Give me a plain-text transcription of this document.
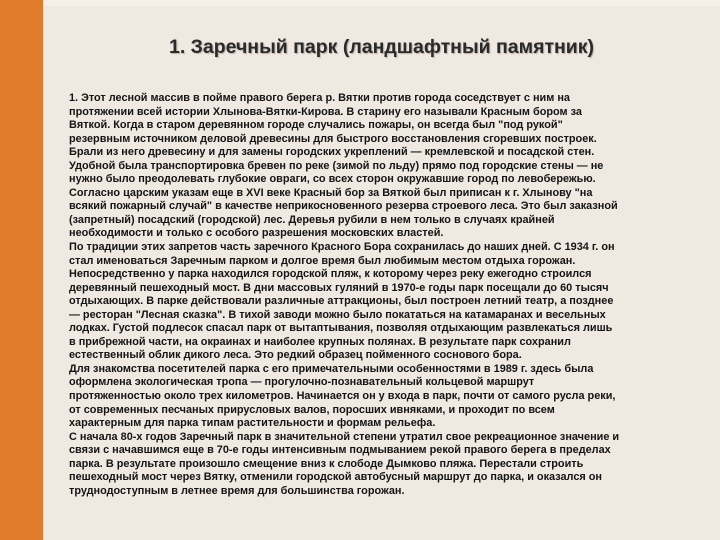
1. Заречный парк (ландшафтный памятник)
1. Этот лесной массив в пойме правого берега р. Вятки против города соседствует с ним на
протяжении всей истории Хлынова-Вятки-Кирова. В старину его называли Красным бором за
Вяткой. Когда в старом деревянном городе случались пожары, он всегда был "под рукой"
резервным источником деловой древесины для быстрого восстановления сгоревших построек.
Брали из него древесину и для замены городских укреплений — кремлевской и посадской стен.
Удобной была транспортировка бревен по реке (зимой по льду) прямо под городские стены — не
нужно было преодолевать глубокие овраги, со всех сторон окружавшие город по левобережью.
Согласно царским указам еще в XVI веке Красный бор за Вяткой был приписан к г. Хлынову "на
всякий пожарный случай" в качестве неприкосновенного резерва строевого леса. Это был заказной
(запретный) посадский (городской) лес. Деревья рубили в нем только в случаях крайней
необходимости и только с особого разрешения московских властей.
По традиции этих запретов часть заречного Красного Бора сохранилась до наших дней. С 1934 г. он
стал именоваться Заречным парком и долгое время был любимым местом отдыха горожан.
Непосредственно у парка находился городской пляж, к которому через реку ежегодно строился
деревянный пешеходный мост. В дни массовых гуляний в 1970-е годы парк посещали до 60 тысяч
отдыхающих. В парке действовали различные аттракционы, был построен летний театр, а позднее
— ресторан "Лесная сказка". В тихой заводи можно было покататься на катамаранах и весельных
лодках. Густой подлесок спасал парк от вытаптывания, позволяя отдыхающим развлекаться лишь
в прибрежной части, на окраинах и наиболее крупных полянах. В результате парк сохранил
естественный облик дикого леса. Это редкий образец пойменного соснового бора.
Для знакомства посетителей парка с его примечательными особенностями в 1989 г. здесь была
оформлена экологическая тропа — прогулочно-познавательный кольцевой маршрут
протяженностью около трех километров. Начинается он у входа в парк, почти от самого русла реки,
от современных песчаных прирусловых валов, поросших ивняками, и проходит по всем
характерным для парка типам растительности и формам рельефа.
С начала 80-х годов Заречный парк в значительной степени утратил свое рекреационное значение и
связи с начавшимся еще в 70-е годы интенсивным подмыванием рекой правого берега в пределах
парка. В результате произошло смещение вниз к слободе Дымково пляжа. Перестали строить
пешеходный мост через Вятку, отменили городской автобусный маршрут до парка, и оказался он
труднодоступным в летнее время для большинства горожан.
